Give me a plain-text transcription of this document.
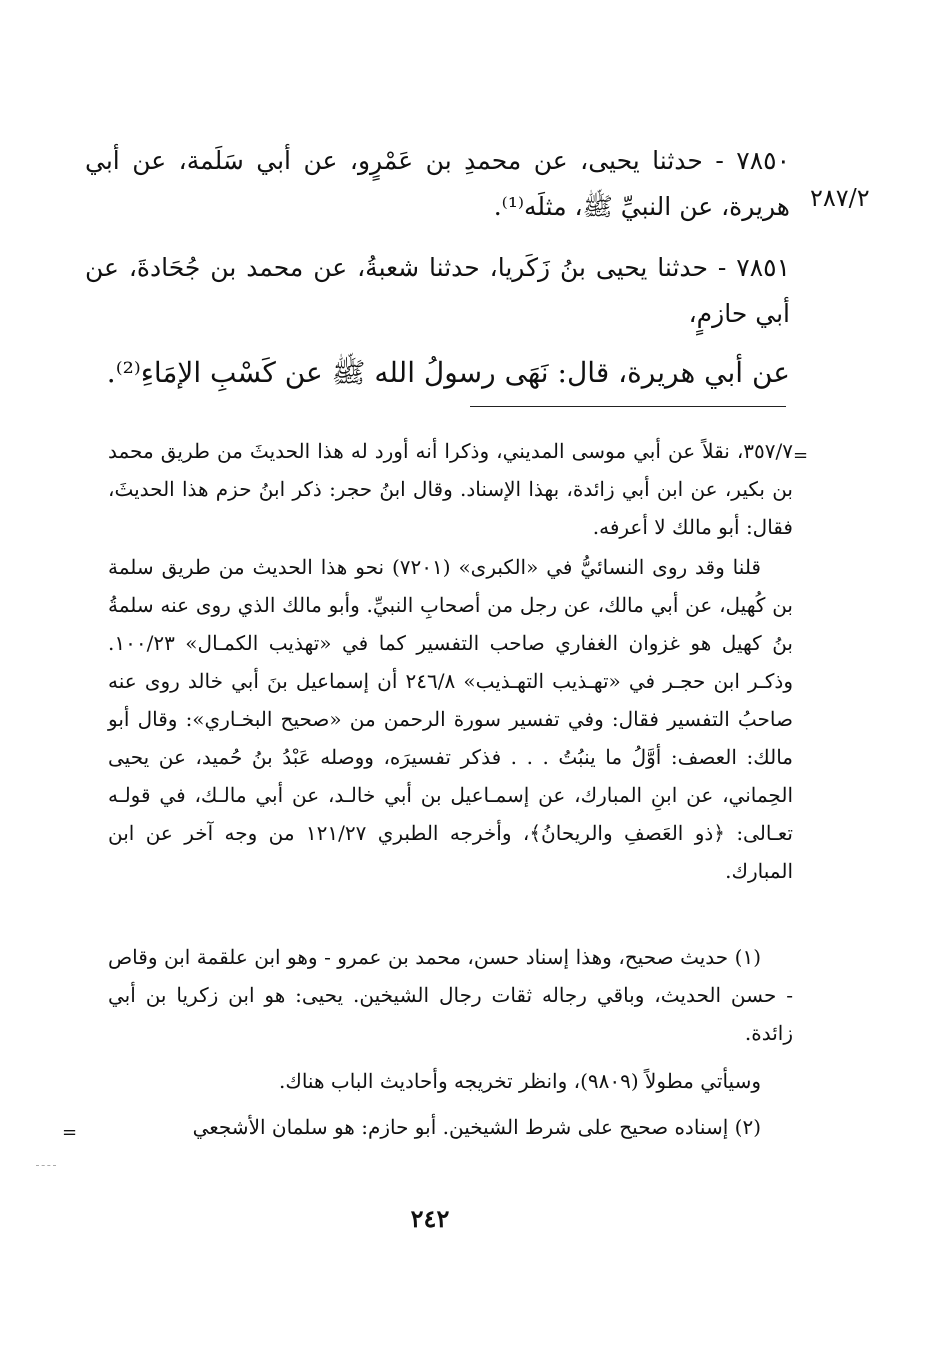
٧٨٥٠ - حدثنا يحيى، عن محمدِ بن عَمْرٍو، عن أبي سَلَمة، عن أبي هريرة، عن النبيِّ ﷺ، مثلَه⁽¹⁾. ٢٨٧/٢
٧٨٥١ - حدثنا يحيى بنُ زَكَريا، حدثنا شعبةُ، عن محمد بن جُحَادةَ، عن أبي حازمٍ،
عن أبي هريرة، قال: نَهَى رسولُ الله ﷺ عن كَسْبِ الإمَاءِ⁽²⁾.
=

٣٥٧/٧، نقلاً عن أبي موسى المديني، وذكرا أنه أورد له هذا الحديثَ من طريق محمد بن بكير، عن ابن أبي زائدة، بهذا الإسناد. وقال ابنُ حجر: ذكر ابنُ حزم هذا الحديثَ، فقال: أبو مالك لا أعرفه.

قلنا وقد روى النسائيُّ في «الكبرى» (٧٢٠١) نحو هذا الحديث من طريق سلمة بن كُهيل، عن أبي مالك، عن رجل من أصحابِ النبيِّ. وأبو مالك الذي روى عنه سلمةُ بنُ كهيل هو غزوان الغفاري صاحب التفسير كما في «تهذيب الكمـال» ١٠٠/٢٣. وذكـر ابن حجـر في «تهـذيب التهـذيب» ٢٤٦/٨ أن إسماعيل بنَ أبي خالد روى عنه صاحبُ التفسير فقال: وفي تفسير سورة الرحمن من «صحيح البخـاري»: وقال أبو مالك: العصف: أوَّلُ ما ينبُتُ . . . فذكر تفسيرَه، ووصله عَبْدُ بنُ حُميد، عن يحيى الحِماني، عن ابنِ المبارك، عن إسمـاعيل بن أبي خالـد، عن أبي مالـك، في قولـه تعـالى: ﴿ذو العَصفِ والريحانُ﴾، وأخرجه الطبري ١٢١/٢٧ من وجه آخر عن ابن المبارك.

(١) حديث صحيح، وهذا إسناد حسن، محمد بن عمرو - وهو ابن علقمة ابن وقاص - حسن الحديث، وباقي رجاله ثقات رجال الشيخين. يحيى: هو ابن زكريا بن أبي زائدة.

وسيأتي مطولاً (٩٨٠٩)، وانظر تخريجه وأحاديث الباب هناك.

(٢) إسناده صحيح على شرط الشيخين. أبو حازم: هو سلمان الأشجعي

=
٢٤٢
